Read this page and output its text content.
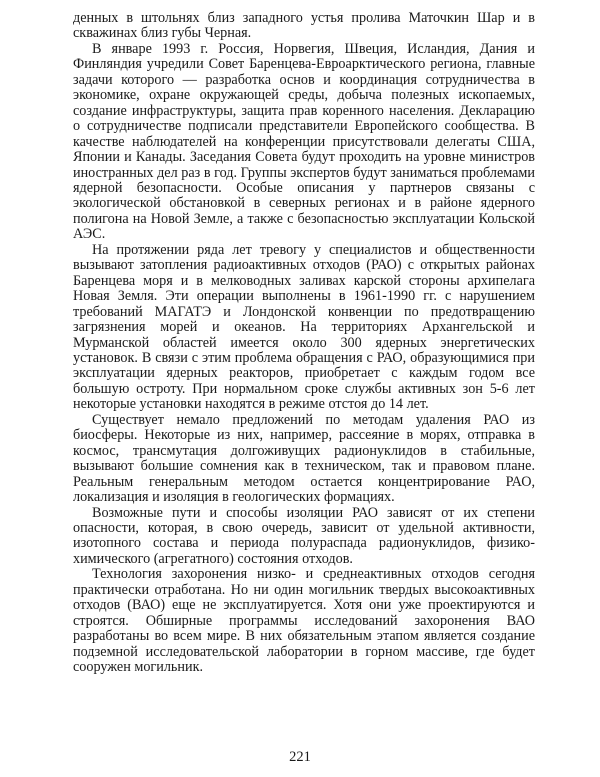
денных в штольнях близ западного устья пролива Маточкин Шар и в скважинах близ губы Черная.

В январе 1993 г. Россия, Норвегия, Швеция, Исландия, Дания и Финляндия учредили Совет Баренцева-Евроарктического региона, главные задачи которого — разработка основ и координация сотрудничества в экономике, охране окружающей среды, добыча полезных ископаемых, создание инфраструктуры, защита прав коренного населения. Декларацию о сотрудничестве подписали представители Европейского сообщества. В качестве наблюдателей на конференции присутствовали делегаты США, Японии и Канады. Заседания Совета будут проходить на уровне министров иностранных дел раз в год. Группы экспертов будут заниматься проблемами ядерной безопасности. Особые описания у партнеров связаны с экологической обстановкой в северных регионах и в районе ядерного полигона на Новой Земле, а также с безопасностью эксплуатации Кольской АЭС.

На протяжении ряда лет тревогу у специалистов и общественности вызывают затопления радиоактивных отходов (РАО) с открытых районах Баренцева моря и в мелководных заливах карской стороны архипелага Новая Земля. Эти операции выполнены в 1961-1990 гг. с нарушением требований МАГАТЭ и Лондонской конвенции по предотвращению загрязнения морей и океанов. На территориях Архангельской и Мурманской областей имеется около 300 ядерных энергетических установок. В связи с этим проблема обращения с РАО, образующимися при эксплуатации ядерных реакторов, приобретает с каждым годом все большую остроту. При нормальном сроке службы активных зон 5-6 лет некоторые установки находятся в режиме отстоя до 14 лет.

Существует немало предложений по методам удаления РАО из биосферы. Некоторые из них, например, рассеяние в морях, отправка в космос, трансмутация долгоживущих радионуклидов в стабильные, вызывают большие сомнения как в техническом, так и правовом плане. Реальным генеральным методом остается концентрирование РАО, локализация и изоляция в геологических формациях.

Возможные пути и способы изоляции РАО зависят от их степени опасности, которая, в свою очередь, зависит от удельной активности, изотопного состава и периода полураспада радионуклидов, физико-химического (агрегатного) состояния отходов.

Технология захоронения низко- и среднеактивных отходов сегодня практически отработана. Но ни один могильник твердых высокоактивных отходов (ВАО) еще не эксплуатируется. Хотя они уже проектируются и строятся. Обширные программы исследований захоронения ВАО разработаны во всем мире. В них обязательным этапом является создание подземной исследовательской лаборатории в горном массиве, где будет сооружен могильник.

221
